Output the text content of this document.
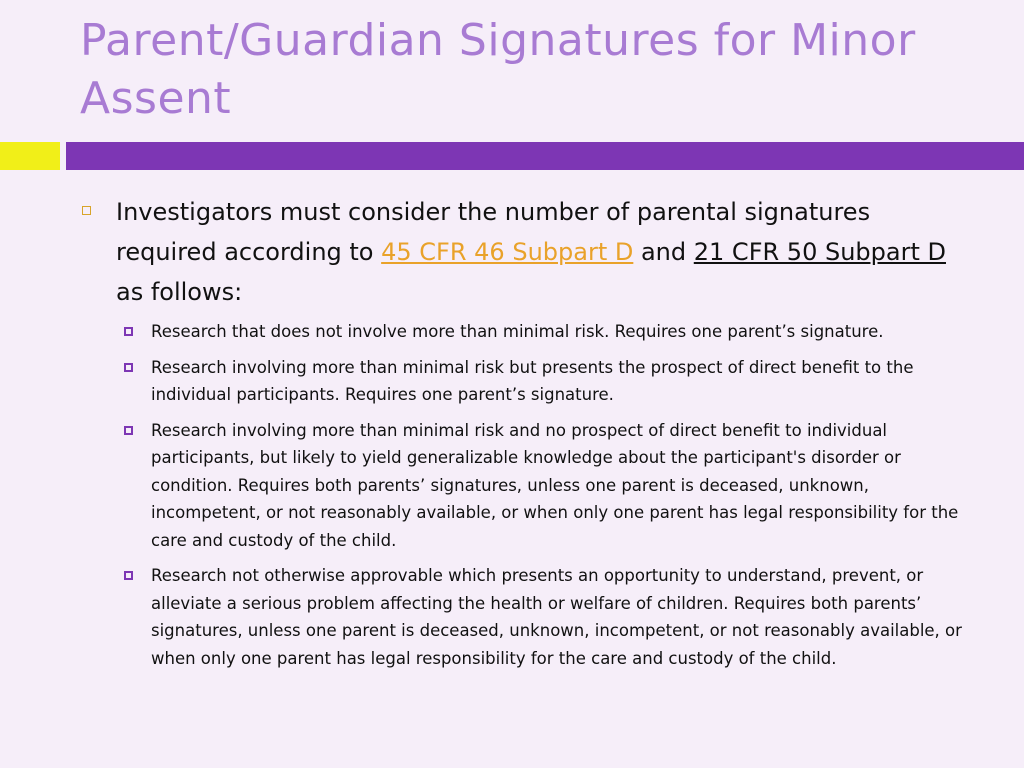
Parent/Guardian Signatures for Minor Assent
Investigators must consider the number of parental signatures required according to 45 CFR 46 Subpart D and 21 CFR 50 Subpart D as follows:
Research that does not involve more than minimal risk. Requires one parent’s signature.
Research involving more than minimal risk but presents the prospect of direct benefit to the individual participants. Requires one parent’s signature.
Research involving more than minimal risk and no prospect of direct benefit to individual participants, but likely to yield generalizable knowledge about the participant's disorder or condition. Requires both parents’ signatures, unless one parent is deceased, unknown, incompetent, or not reasonably available, or when only one parent has legal responsibility for the care and custody of the child.
Research not otherwise approvable which presents an opportunity to understand, prevent, or alleviate a serious problem affecting the health or welfare of children. Requires both parents’ signatures, unless one parent is deceased, unknown, incompetent, or not reasonably available, or when only one parent has legal responsibility for the care and custody of the child.
